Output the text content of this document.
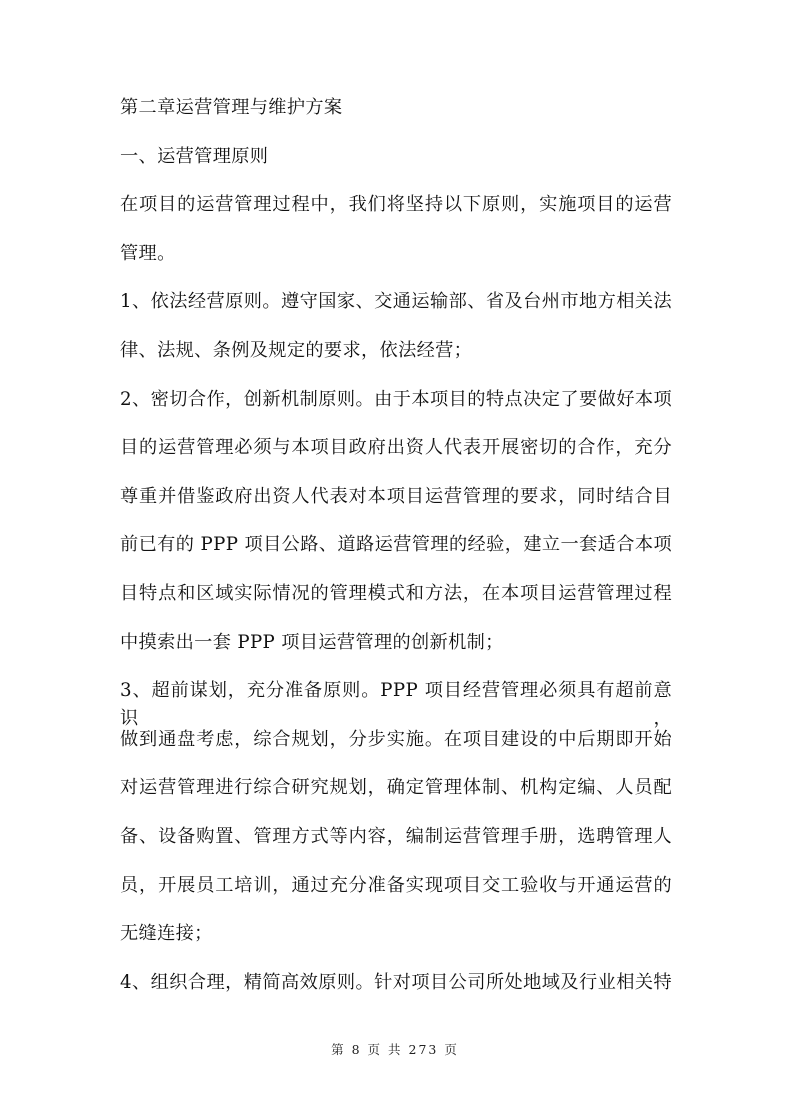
第二章运营管理与维护方案
一、运营管理原则
在项目的运营管理过程中，我们将坚持以下原则，实施项目的运营
管理。
1、依法经营原则。遵守国家、交通运输部、省及台州市地方相关法
律、法规、条例及规定的要求，依法经营；
2、密切合作，创新机制原则。由于本项目的特点决定了要做好本项
目的运营管理必须与本项目政府出资人代表开展密切的合作，充分
尊重并借鉴政府出资人代表对本项目运营管理的要求，同时结合目
前已有的 PPP 项目公路、道路运营管理的经验，建立一套适合本项
目特点和区域实际情况的管理模式和方法，在本项目运营管理过程
中摸索出一套 PPP 项目运营管理的创新机制；
3、超前谋划，充分准备原则。PPP 项目经营管理必须具有超前意识，
做到通盘考虑，综合规划，分步实施。在项目建设的中后期即开始
对运营管理进行综合研究规划，确定管理体制、机构定编、人员配
备、设备购置、管理方式等内容，编制运营管理手册，选聘管理人
员，开展员工培训，通过充分准备实现项目交工验收与开通运营的
无缝连接；
4、组织合理，精简高效原则。针对项目公司所处地域及行业相关特
第 8 页 共 273 页
